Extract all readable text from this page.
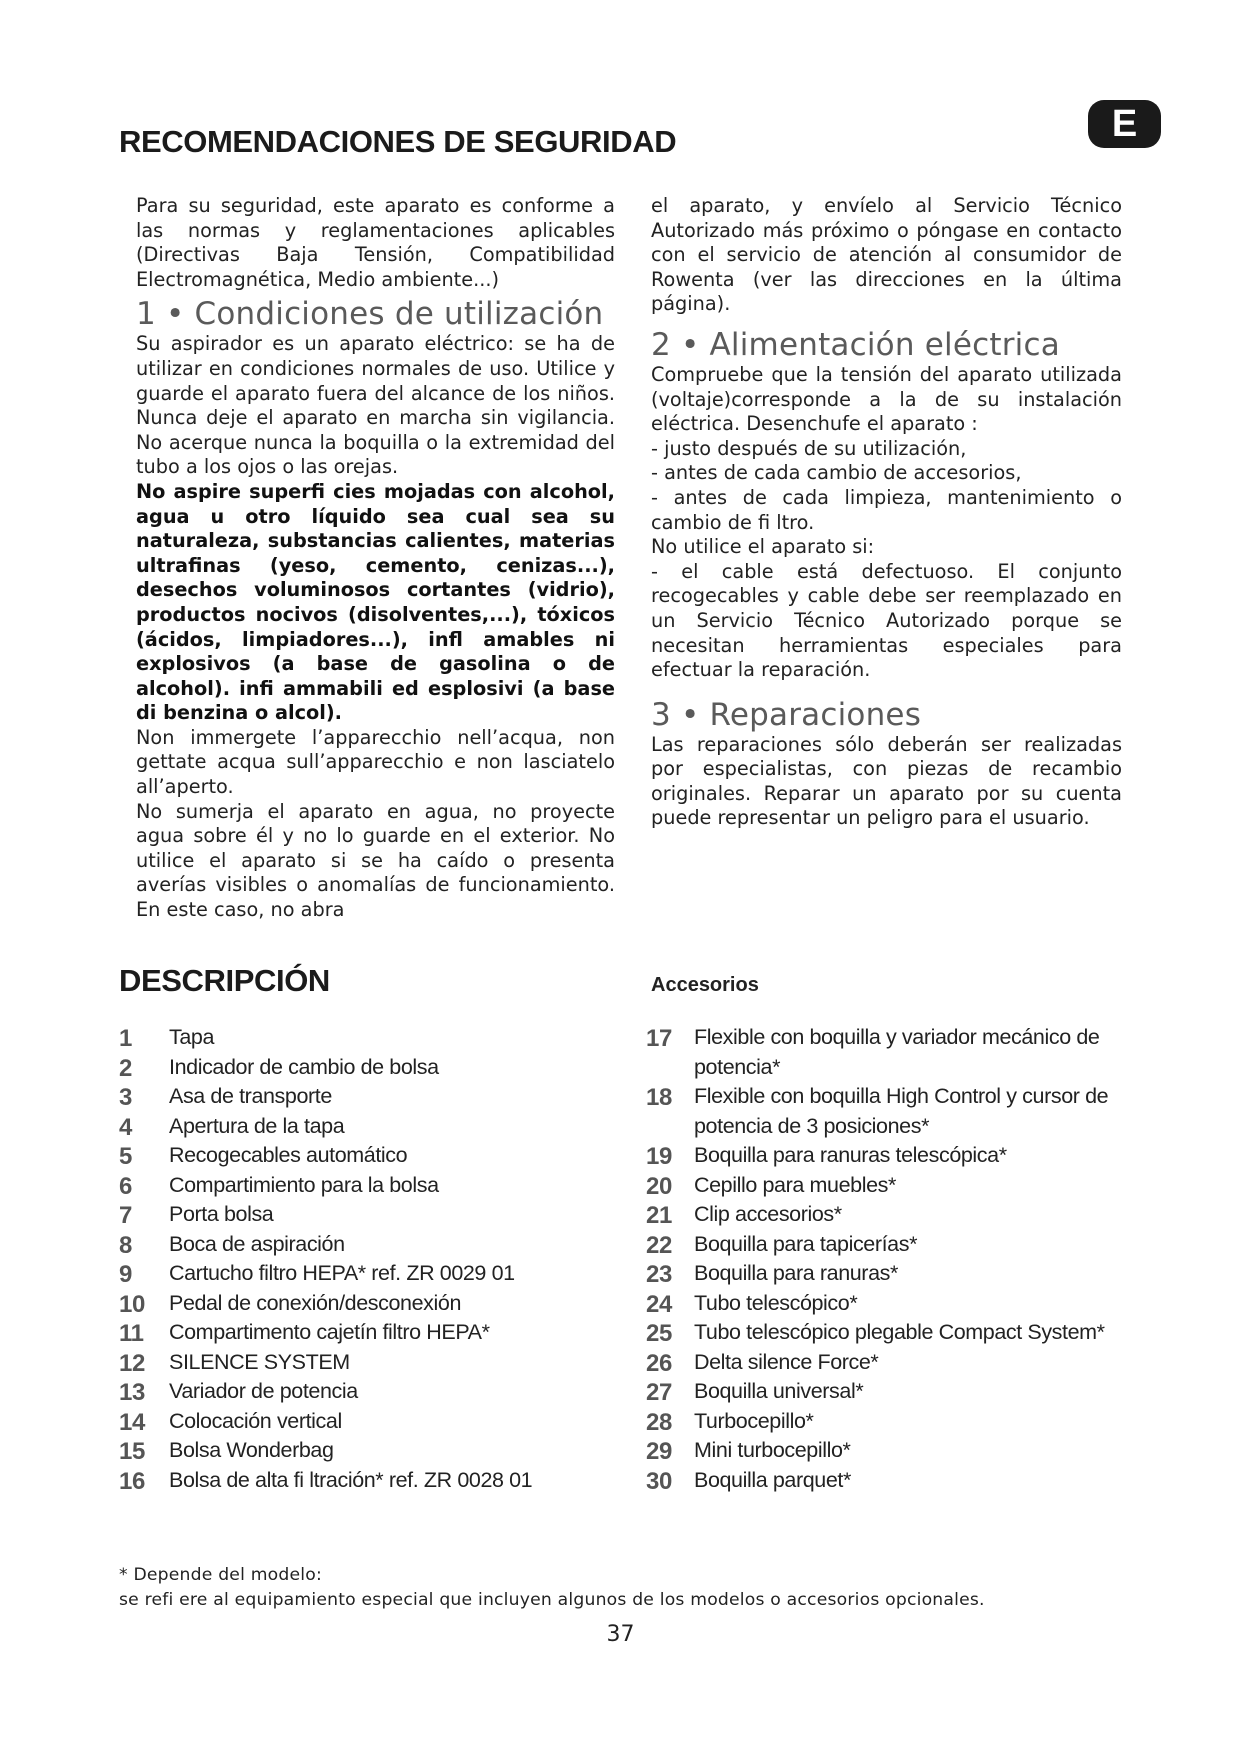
E
RECOMENDACIONES DE SEGURIDAD

Para su seguridad, este aparato es conforme a las normas y reglamentaciones aplicables (Directivas Baja Tensión, Compatibilidad Electromagnética, Medio ambiente...)

1 • Condiciones de utilización

Su aspirador es un aparato eléctrico: se ha de utilizar en condiciones normales de uso. Utilice y guarde el aparato fuera del alcance de los niños. Nunca deje el aparato en marcha sin vigilancia. No acerque nunca la boquilla o la extremidad del tubo a los ojos o las orejas.

No aspire superfi cies mojadas con alcohol, agua u otro líquido sea cual sea su naturaleza, substancias calientes, materias ultrafinas (yeso, cemento, cenizas...), desechos voluminosos cortantes (vidrio), productos nocivos (disolventes,...), tóxicos (ácidos, limpiadores...), infl amables ni explosivos (a base de gasolina o de alcohol). infi ammabili ed esplosivi (a base di benzina o alcol).

Non immergete l’apparecchio nell’acqua, non gettate acqua sull’apparecchio e non lasciatelo all’aperto.

No sumerja el aparato en agua, no proyecte agua sobre él y no lo guarde en el exterior. No utilice el aparato si se ha caído o presenta averías visibles o anomalías de funcionamiento. En este caso, no abra

el aparato, y envíelo al Servicio Técnico Autorizado más próximo o póngase en contacto con el servicio de atención al consumidor de Rowenta (ver las direcciones en la última página).

2 • Alimentación eléctrica

Compruebe que la tensión del aparato utilizada (voltaje)corresponde a la de su instalación eléctrica. Desenchufe el aparato :

- justo después de su utilización,

- antes de cada cambio de accesorios,

- antes de cada limpieza, mantenimiento o cambio de fi ltro.

No utilice el aparato si:

- el cable está defectuoso. El conjunto recogecables y cable debe ser reemplazado en un Servicio Técnico Autorizado porque se necesitan herramientas especiales para efectuar la reparación.

3 • Reparaciones

Las reparaciones sólo deberán ser realizadas por especialistas, con piezas de recambio originales. Reparar un aparato por su cuenta puede representar un peligro para el usuario.

DESCRIPCIÓN
1 Tapa
2 Indicador de cambio de bolsa
3 Asa de transporte
4 Apertura de la tapa
5 Recogecables automático
6 Compartimiento para la bolsa
7 Porta bolsa
8 Boca de aspiración
9 Cartucho filtro HEPA* ref. ZR 0029 01
10 Pedal de conexión/desconexión
11 Compartimento cajetín filtro HEPA*
12 SILENCE SYSTEM
13 Variador de potencia
14 Colocación vertical
15 Bolsa Wonderbag
16 Bolsa de alta fi ltración* ref. ZR 0028 01
Accesorios
17 Flexible con boquilla y variador mecánico de potencia*
18 Flexible con boquilla High Control y cursor de potencia de 3 posiciones*
19 Boquilla para ranuras telescópica*
20 Cepillo para muebles*
21 Clip accesorios*
22 Boquilla para tapicerías*
23 Boquilla para ranuras*
24 Tubo telescópico*
25 Tubo telescópico plegable Compact System*
26 Delta silence Force*
27 Boquilla universal*
28 Turbocepillo*
29 Mini turbocepillo*
30 Boquilla parquet*
* Depende del modelo:
se refi ere al equipamiento especial que incluyen algunos de los modelos o accesorios opcionales.
37
